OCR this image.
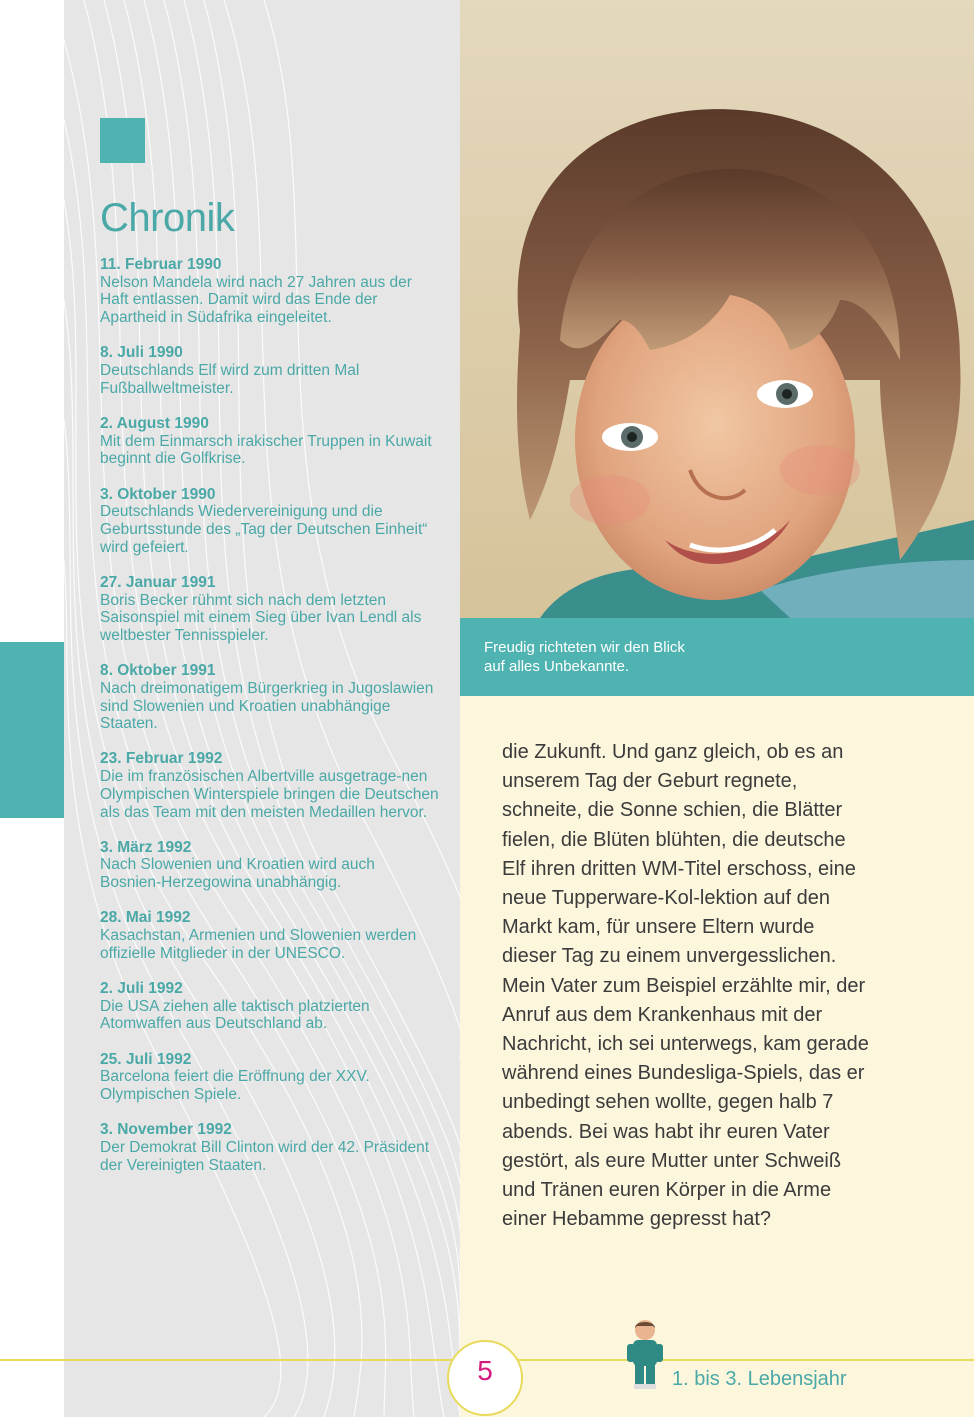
Chronik
11. Februar 1990
Nelson Mandela wird nach 27 Jahren aus der Haft entlassen. Damit wird das Ende der Apartheid in Südafrika eingeleitet.
8. Juli 1990
Deutschlands Elf wird zum dritten Mal Fußballweltmeister.
2. August 1990
Mit dem Einmarsch irakischer Truppen in Kuwait beginnt die Golfkrise.
3. Oktober 1990
Deutschlands Wiedervereinigung und die Geburtsstunde des „Tag der Deutschen Einheit“ wird gefeiert.
27. Januar 1991
Boris Becker rühmt sich nach dem letzten Saisonspiel mit einem Sieg über Ivan Lendl als weltbester Tennisspieler.
8. Oktober 1991
Nach dreimonatigem Bürgerkrieg in Jugoslawien sind Slowenien und Kroatien unabhängige Staaten.
23. Februar 1992
Die im französischen Albertville ausgetrage-nen Olympischen Winterspiele bringen die Deutschen als das Team mit den meisten Medaillen hervor.
3. März 1992
Nach Slowenien und Kroatien wird auch Bosnien-Herzegowina unabhängig.
28. Mai 1992
Kasachstan, Armenien und Slowenien werden offizielle Mitglieder in der UNESCO.
2. Juli 1992
Die USA ziehen alle taktisch platzierten Atomwaffen aus Deutschland ab.
25. Juli 1992
Barcelona feiert die Eröffnung der XXV. Olympischen Spiele.
3. November 1992
Der Demokrat Bill Clinton wird der 42. Präsident der Vereinigten Staaten.
Freudig richteten wir den Blick
auf alles Unbekannte.

die Zukunft. Und ganz gleich, ob es an unserem Tag der Geburt regnete, schneite, die Sonne schien, die Blätter fielen, die Blüten blühten, die deutsche Elf ihren dritten WM-Titel erschoss, eine neue Tupperware-Kol-lektion auf den Markt kam, für unsere Eltern wurde dieser Tag zu einem unvergesslichen. Mein Vater zum Beispiel erzählte mir, der Anruf aus dem Krankenhaus mit der Nachricht, ich sei unterwegs, kam gerade während eines Bundesliga-Spiels, das er unbedingt sehen wollte, gegen halb 7 abends. Bei was habt ihr euren Vater gestört, als eure Mutter unter Schweiß und Tränen euren Körper in die Arme einer Hebamme gepresst hat?

5	1. bis 3. Lebensjahr
